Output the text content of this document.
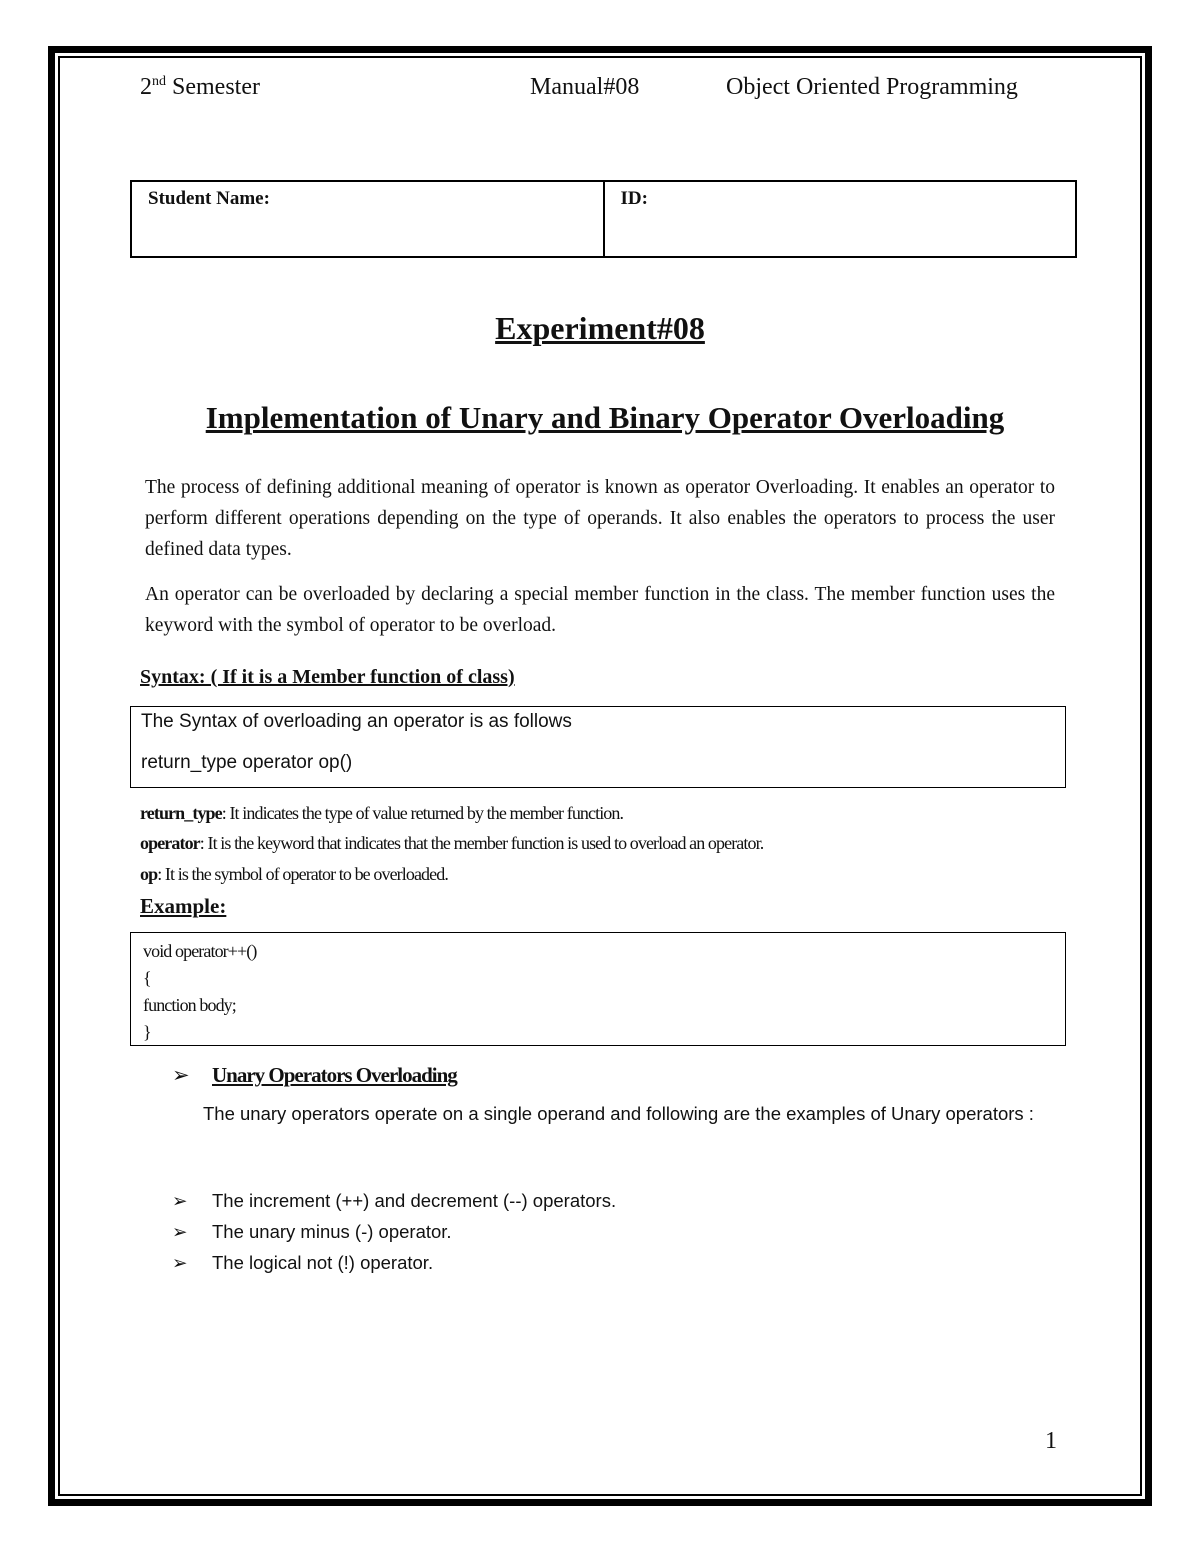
2nd Semester	Manual#08	Object Oriented Programming
Student Name:	ID:
Experiment#08
Implementation of Unary and Binary Operator Overloading
The process of defining additional meaning of operator is known as operator Overloading. It enables an operator to perform different operations depending on the type of operands. It also enables the operators to process the user defined data types.
An operator can be overloaded by declaring a special member function in the class. The member function uses the keyword with the symbol of operator to be overload.
Syntax: ( If it is a Member function of class)
The Syntax of overloading an operator is as follows
return_type operator op()
return_type: It indicates the type of value returned by the member function.
operator: It is the keyword that indicates that the member function is used to overload an operator.
op: It is the symbol of operator to be overloaded.
Example:
void operator++()
{
function body;
}
➢ Unary Operators Overloading
The unary operators operate on a single operand and following are the examples of Unary operators :
➢ The increment (++) and decrement (--) operators.
➢ The unary minus (-) operator.
➢ The logical not (!) operator.
1
